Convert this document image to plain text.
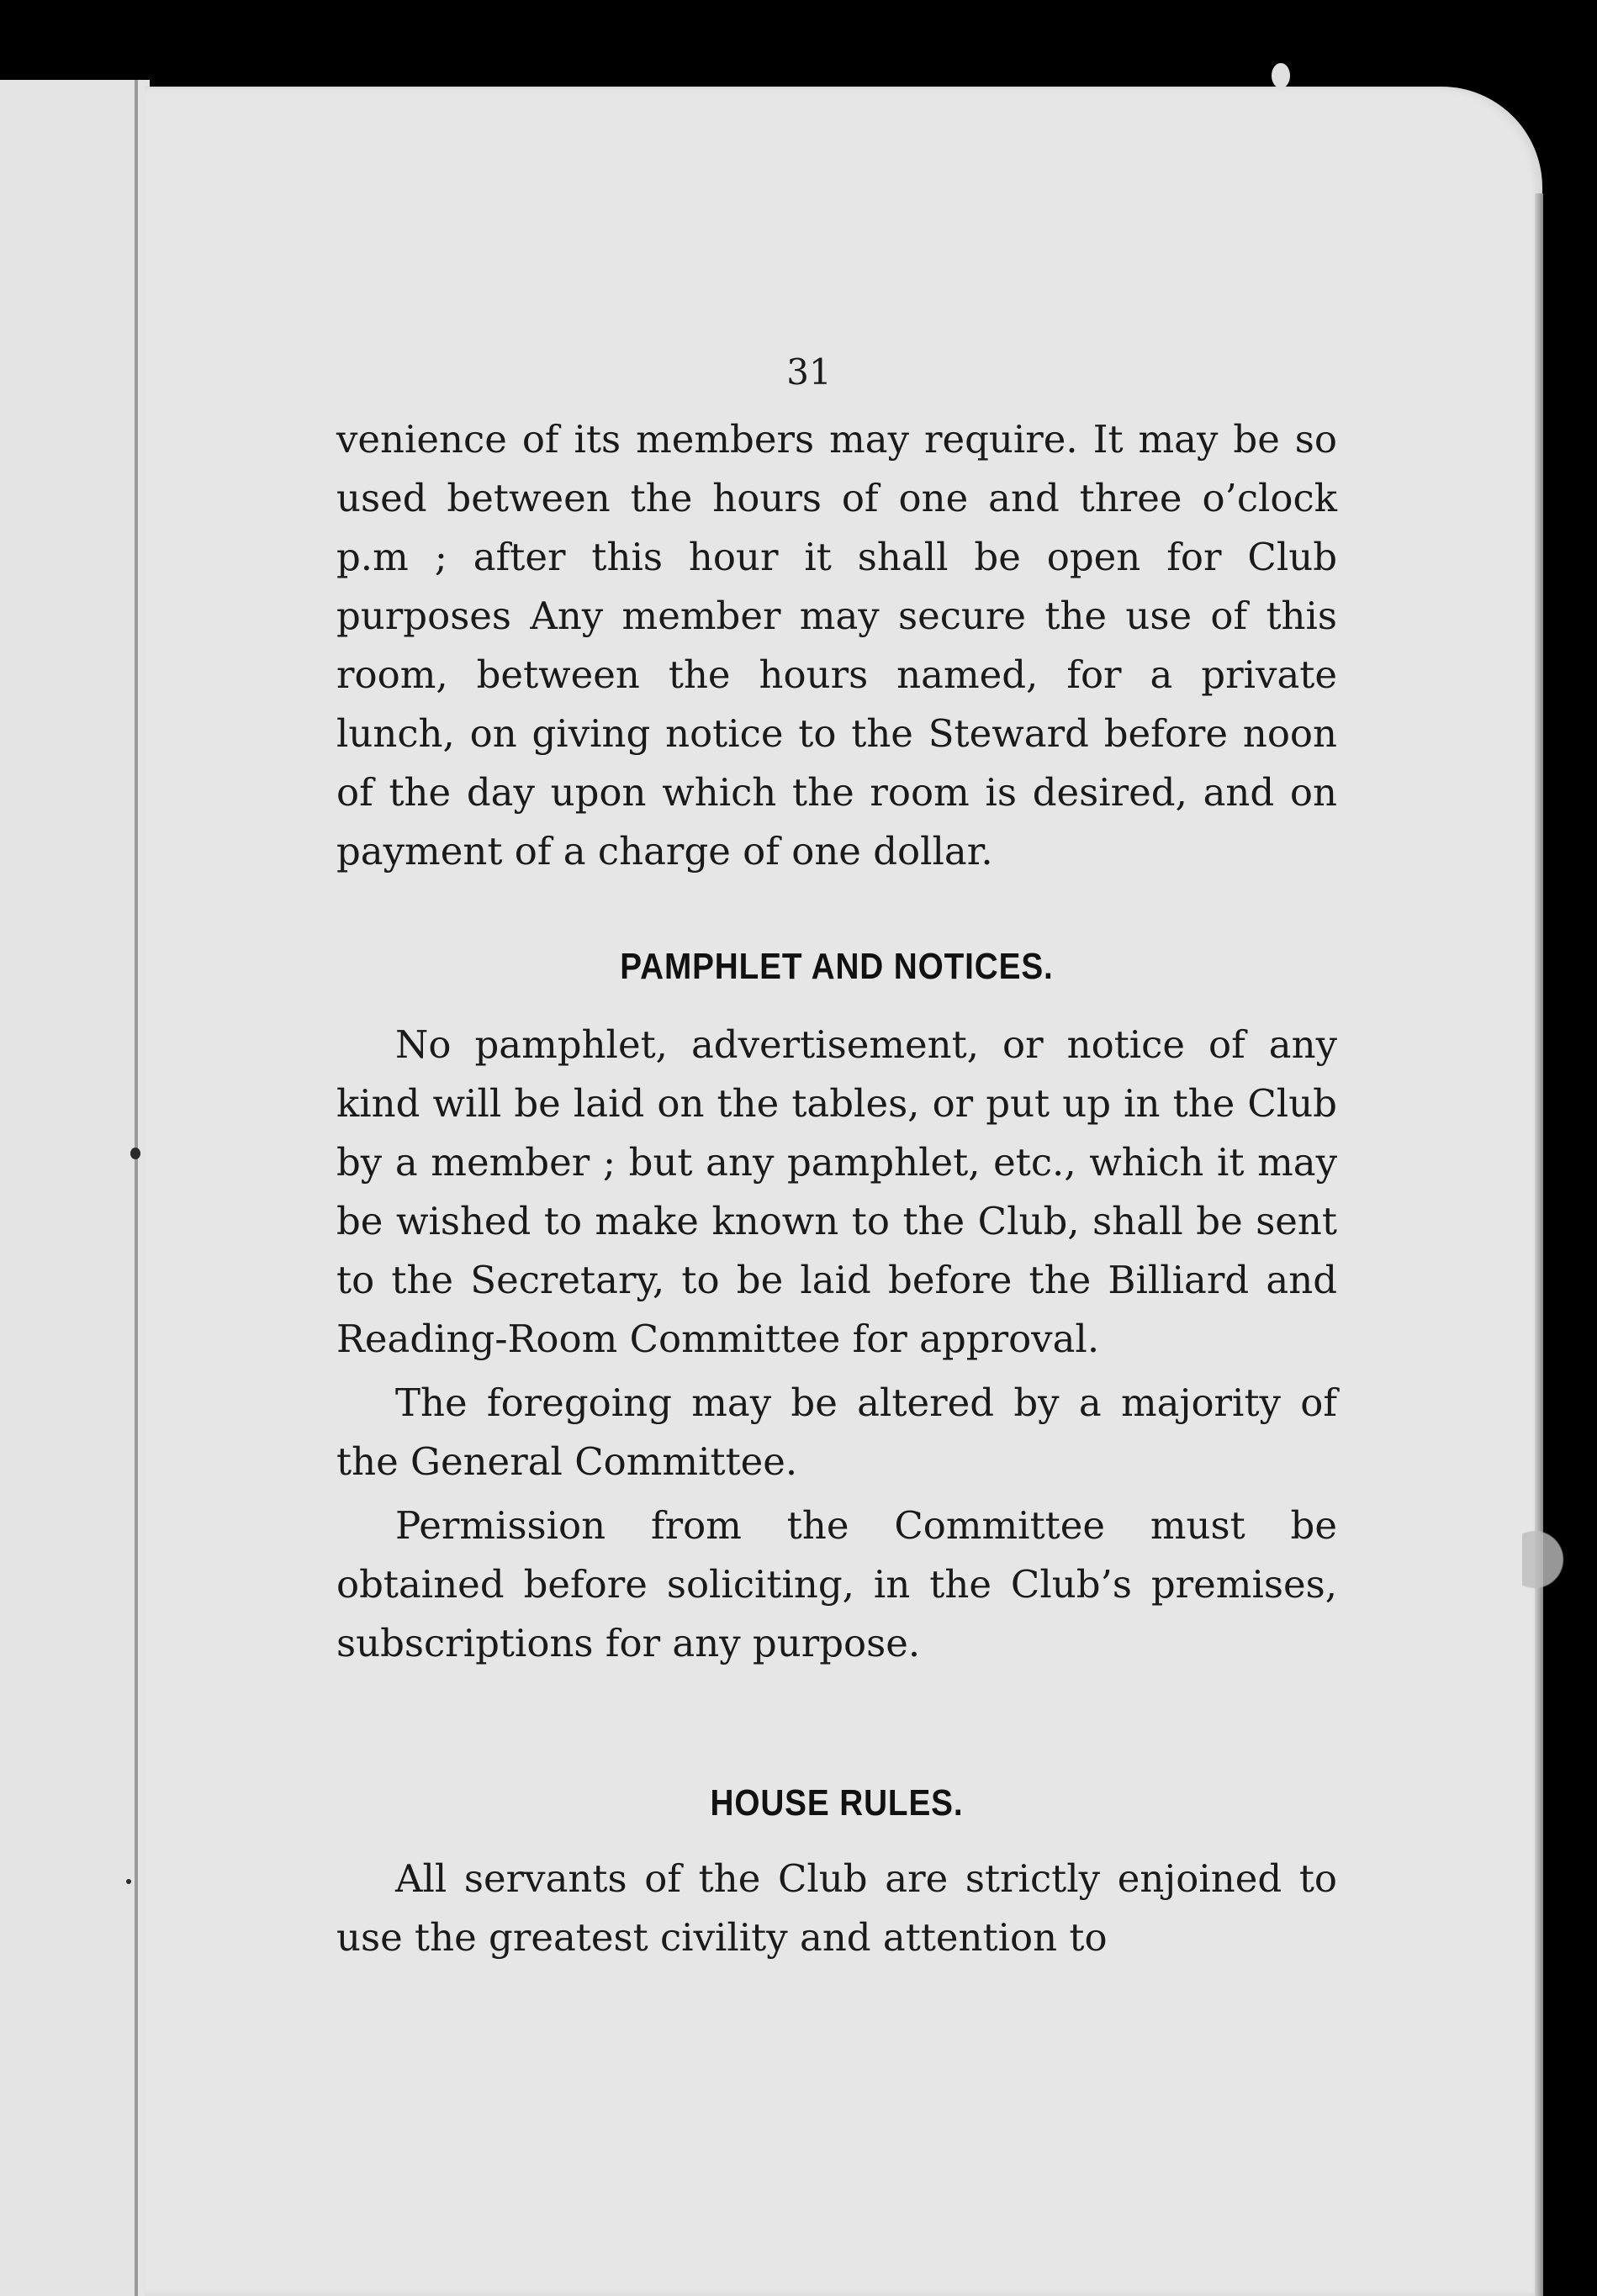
31

venience of its members may require. It may be so used between the hours of one and three o’clock p.m ; after this hour it shall be open for Club purposes Any member may secure the use of this room, between the hours named, for a private lunch, on giving notice to the Steward before noon of the day upon which the room is desired, and on payment of a charge of one dollar.

PAMPHLET AND NOTICES.

No pamphlet, advertisement, or notice of any kind will be laid on the tables, or put up in the Club by a member ; but any pamphlet, etc., which it may be wished to make known to the Club, shall be sent to the Secretary, to be laid before the Billiard and Reading-Room Committee for approval.

The foregoing may be altered by a majority of the General Committee.

Permission from the Committee must be obtained before soliciting, in the Club’s premises, subscriptions for any purpose.

HOUSE RULES.

All servants of the Club are strictly enjoined to use the greatest civility and attention to
